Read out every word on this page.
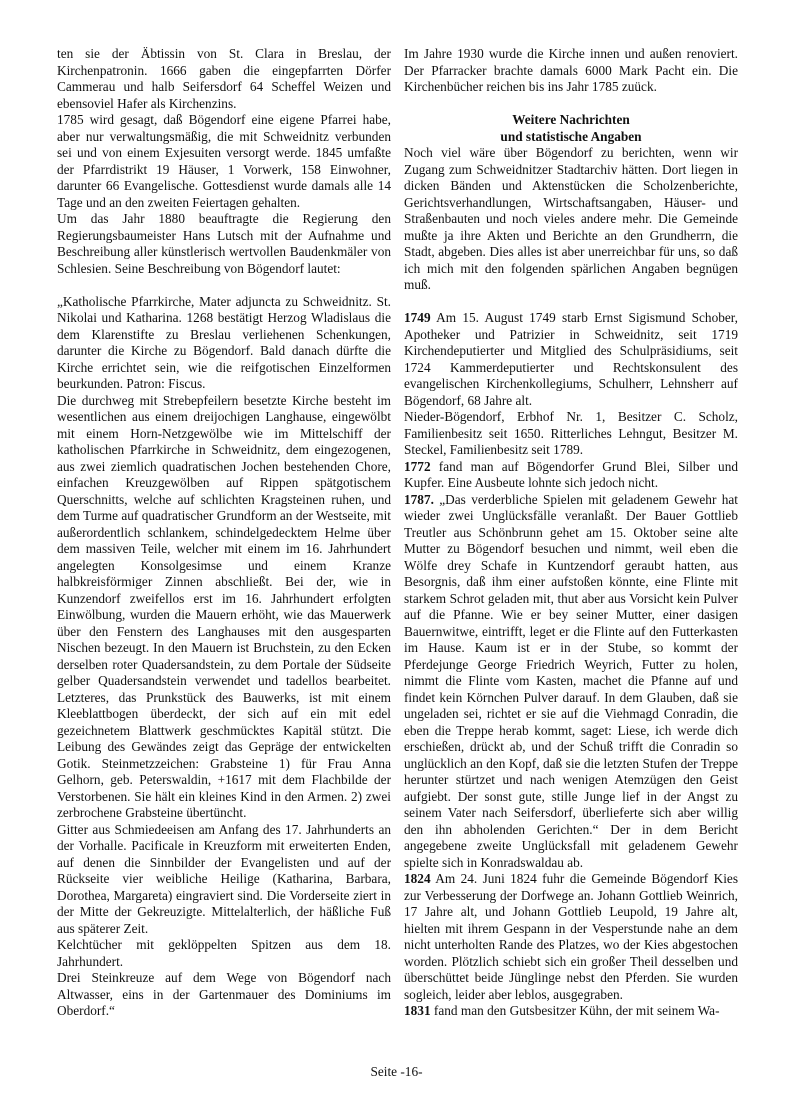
ten sie der Äbtissin von St. Clara in Breslau, der Kirchenpatronin. 1666 gaben die eingepfarrten Dörfer Cammerau und halb Seifersdorf 64 Scheffel Weizen und ebensoviel Hafer als Kirchenzins.

1785 wird gesagt, daß Bögendorf eine eigene Pfarrei habe, aber nur verwaltungsmäßig, die mit Schweidnitz verbunden sei und von einem Exjesuiten versorgt werde. 1845 umfaßte der Pfarrdistrikt 19 Häuser, 1 Vorwerk, 158 Einwohner, darunter 66 Evangelische. Gottesdienst wurde damals alle 14 Tage und an den zweiten Feiertagen gehalten.

Um das Jahr 1880 beauftragte die Regierung den Regierungsbaumeister Hans Lutsch mit der Aufnahme und Beschreibung aller künstlerisch wertvollen Baudenkmäler von Schlesien. Seine Beschreibung von Bögendorf lautet:

„Katholische Pfarrkirche, Mater adjuncta zu Schweidnitz. St. Nikolai und Katharina. 1268 bestätigt Herzog Wladislaus die dem Klarenstifte zu Breslau verliehenen Schenkungen, darunter die Kirche zu Bögendorf. Bald danach dürfte die Kirche errichtet sein, wie die reifgotischen Einzelformen beurkunden. Patron: Fiscus.

Die durchweg mit Strebepfeilern besetzte Kirche besteht im wesentlichen aus einem dreijochigen Langhause, eingewölbt mit einem Horn-Netzgewölbe wie im Mittelschiff der katholischen Pfarrkirche in Schweidnitz, dem eingezogenen, aus zwei ziemlich quadratischen Jochen bestehenden Chore, einfachen Kreuzgewölben auf Rippen spätgotischem Querschnitts, welche auf schlichten Kragsteinen ruhen, und dem Turme auf quadratischer Grundform an der Westseite, mit außerordentlich schlankem, schindelgedecktem Helme über dem massiven Teile, welcher mit einem im 16. Jahrhundert angelegten Konsolgesimse und einem Kranze halbkreisförmiger Zinnen abschließt. Bei der, wie in Kunzendorf zweifellos erst im 16. Jahrhundert erfolgten Einwölbung, wurden die Mauern erhöht, wie das Mauerwerk über den Fenstern des Langhauses mit den ausgesparten Nischen bezeugt. In den Mauern ist Bruchstein, zu den Ecken derselben roter Quadersandstein, zu dem Portale der Südseite gelber Quadersandstein verwendet und tadellos bearbeitet. Letzteres, das Prunkstück des Bauwerks, ist mit einem Kleeblattbogen überdeckt, der sich auf ein mit edel gezeichnetem Blattwerk geschmücktes Kapitäl stützt. Die Leibung des Gewändes zeigt das Gepräge der entwickelten Gotik. Steinmetzzeichen: Grabsteine 1) für Frau Anna Gelhorn, geb. Peterswaldin, +1617 mit dem Flachbilde der Verstorbenen. Sie hält ein kleines Kind in den Armen. 2) zwei zerbrochene Grabsteine übertüncht.

Gitter aus Schmiedeeisen am Anfang des 17. Jahrhunderts an der Vorhalle. Pacificale in Kreuzform mit erweiterten Enden, auf denen die Sinnbilder der Evangelisten und auf der Rückseite vier weibliche Heilige (Katharina, Barbara, Dorothea, Margareta) eingraviert sind. Die Vorderseite ziert in der Mitte der Gekreuzigte. Mittelalterlich, der häßliche Fuß aus späterer Zeit.

Kelchtücher mit geklöppelten Spitzen aus dem 18. Jahrhundert.

Drei Steinkreuze auf dem Wege von Bögendorf nach Altwasser, eins in der Gartenmauer des Dominiums im Oberdorf.“

Im Jahre 1930 wurde die Kirche innen und außen renoviert. Der Pfarracker brachte damals 6000 Mark Pacht ein. Die Kirchenbücher reichen bis ins Jahr 1785 zuück.

Weitere Nachrichten
und statistische Angaben

Noch viel wäre über Bögendorf zu berichten, wenn wir Zugang zum Schweidnitzer Stadtarchiv hätten. Dort liegen in dicken Bänden und Aktenstücken die Scholzenberichte, Gerichtsverhandlungen, Wirtschaftsangaben, Häuser- und Straßenbauten und noch vieles andere mehr. Die Gemeinde mußte ja ihre Akten und Berichte an den Grundherrn, die Stadt, abgeben. Dies alles ist aber unerreichbar für uns, so daß ich mich mit den folgenden spärlichen Angaben begnügen muß.

1749 Am 15. August 1749 starb Ernst Sigismund Schober, Apotheker und Patrizier in Schweidnitz, seit 1719 Kirchendeputierter und Mitglied des Schulpräsidiums, seit 1724 Kammerdeputierter und Rechtskonsulent des evangelischen Kirchenkollegiums, Schulherr, Lehnsherr auf Bögendorf, 68 Jahre alt.

Nieder-Bögendorf, Erbhof Nr. 1, Besitzer C. Scholz, Familienbesitz seit 1650. Ritterliches Lehngut, Besitzer M. Steckel, Familienbesitz seit 1789.

1772 fand man auf Bögendorfer Grund Blei, Silber und Kupfer. Eine Ausbeute lohnte sich jedoch nicht.

1787. „Das verderbliche Spielen mit geladenem Gewehr hat wieder zwei Unglücksfälle veranlaßt. Der Bauer Gottlieb Treutler aus Schönbrunn gehet am 15. Oktober seine alte Mutter zu Bögendorf besuchen und nimmt, weil eben die Wölfe drey Schafe in Kuntzendorf geraubt hatten, aus Besorgnis, daß ihm einer aufstoßen könnte, eine Flinte mit starkem Schrot geladen mit, thut aber aus Vorsicht kein Pulver auf die Pfanne. Wie er bey seiner Mutter, einer dasigen Bauernwitwe, eintrifft, leget er die Flinte auf den Futterkasten im Hause. Kaum ist er in der Stube, so kommt der Pferdejunge George Friedrich Weyrich, Futter zu holen, nimmt die Flinte vom Kasten, machet die Pfanne auf und findet kein Körnchen Pulver darauf. In dem Glauben, daß sie ungeladen sei, richtet er sie auf die Viehmagd Conradin, die eben die Treppe herab kommt, saget: Liese, ich werde dich erschießen, drückt ab, und der Schuß trifft die Conradin so unglücklich an den Kopf, daß sie die letzten Stufen der Treppe herunter stürtzet und nach wenigen Atemzügen den Geist aufgiebt. Der sonst gute, stille Junge lief in der Angst zu seinem Vater nach Seifersdorf, überlieferte sich aber willig den ihn abholenden Gerichten.“ Der in dem Bericht angegebene zweite Unglücksfall mit geladenem Gewehr spielte sich in Konradswaldau ab.

1824 Am 24. Juni 1824 fuhr die Gemeinde Bögendorf Kies zur Verbesserung der Dorfwege an. Johann Gottlieb Weinrich, 17 Jahre alt, und Johann Gottlieb Leupold, 19 Jahre alt, hielten mit ihrem Gespann in der Vesperstunde nahe an dem nicht unterholten Rande des Platzes, wo der Kies abgestochen worden. Plötzlich schiebt sich ein großer Theil desselben und überschüttet beide Jünglinge nebst den Pferden. Sie wurden sogleich, leider aber leblos, ausgegraben.

1831 fand man den Gutsbesitzer Kühn, der mit seinem Wa-

Seite -16-
